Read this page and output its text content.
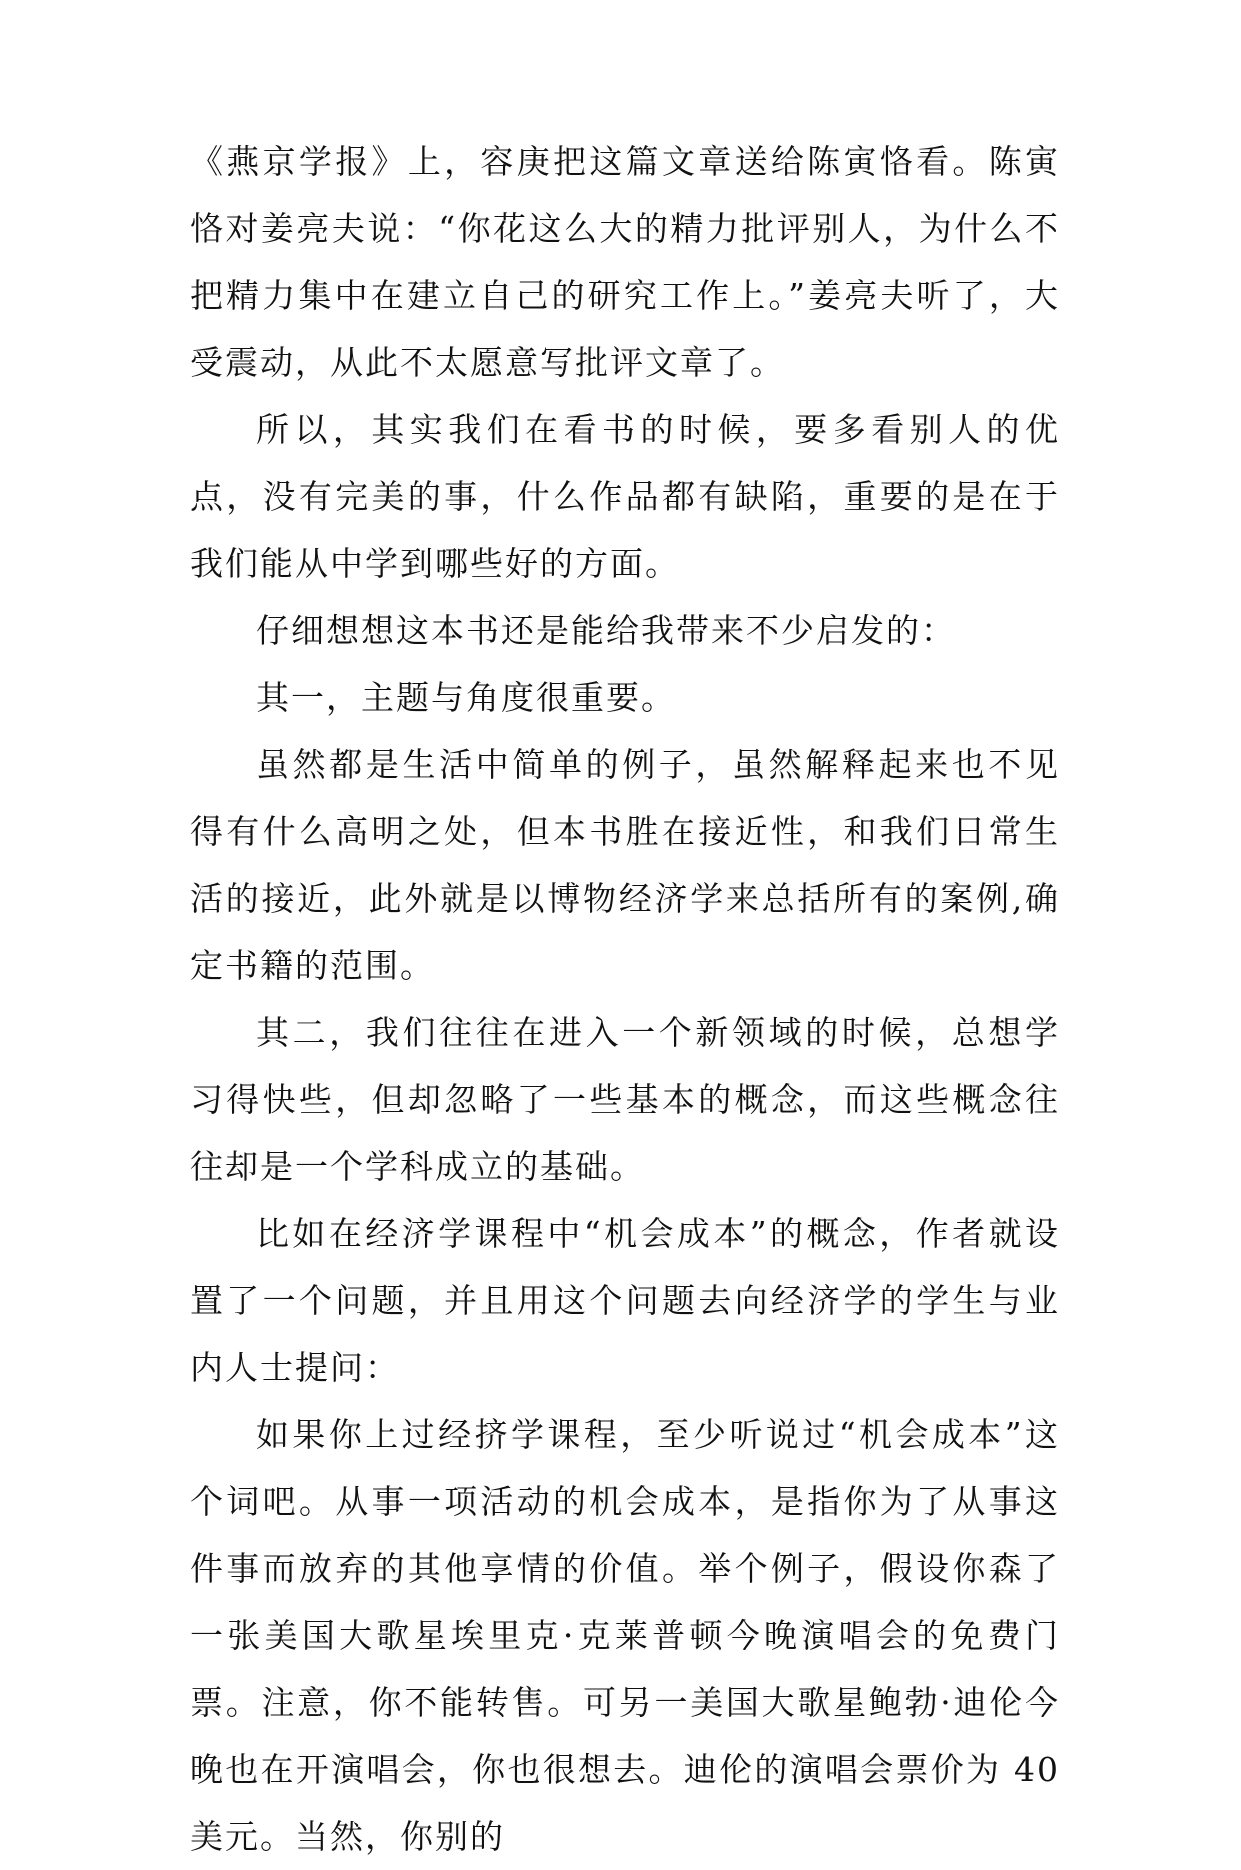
《燕京学报》上，容庚把这篇文章送给陈寅恪看。陈寅恪对姜亮夫说：“你花这么大的精力批评别人，为什么不把精力集中在建立自己的研究工作上。”姜亮夫听了，大受震动，从此不太愿意写批评文章了。

所以，其实我们在看书的时候，要多看别人的优点，没有完美的事，什么作品都有缺陷，重要的是在于我们能从中学到哪些好的方面。

仔细想想这本书还是能给我带来不少启发的：

其一，主题与角度很重要。

虽然都是生活中简单的例子，虽然解释起来也不见得有什么高明之处，但本书胜在接近性，和我们日常生活的接近，此外就是以博物经济学来总括所有的案例,确定书籍的范围。

其二，我们往往在进入一个新领域的时候，总想学习得快些，但却忽略了一些基本的概念，而这些概念往往却是一个学科成立的基础。

比如在经济学课程中“机会成本”的概念，作者就设置了一个问题，并且用这个问题去向经济学的学生与业内人士提问：

如果你上过经挤学课程，至少听说过“机会成本”这个词吧。从事一项活动的机会成本，是指你为了从事这件事而放弃的其他享情的价值。举个例子，假设你森了一张美国大歌星埃里克·克莱普顿今晚演唱会的免费门票。注意，你不能转售。可另一美国大歌星鲍勃·迪伦今晚也在开演唱会，你也很想去。迪伦的演唱会票价为 40 美元。当然，你别的
